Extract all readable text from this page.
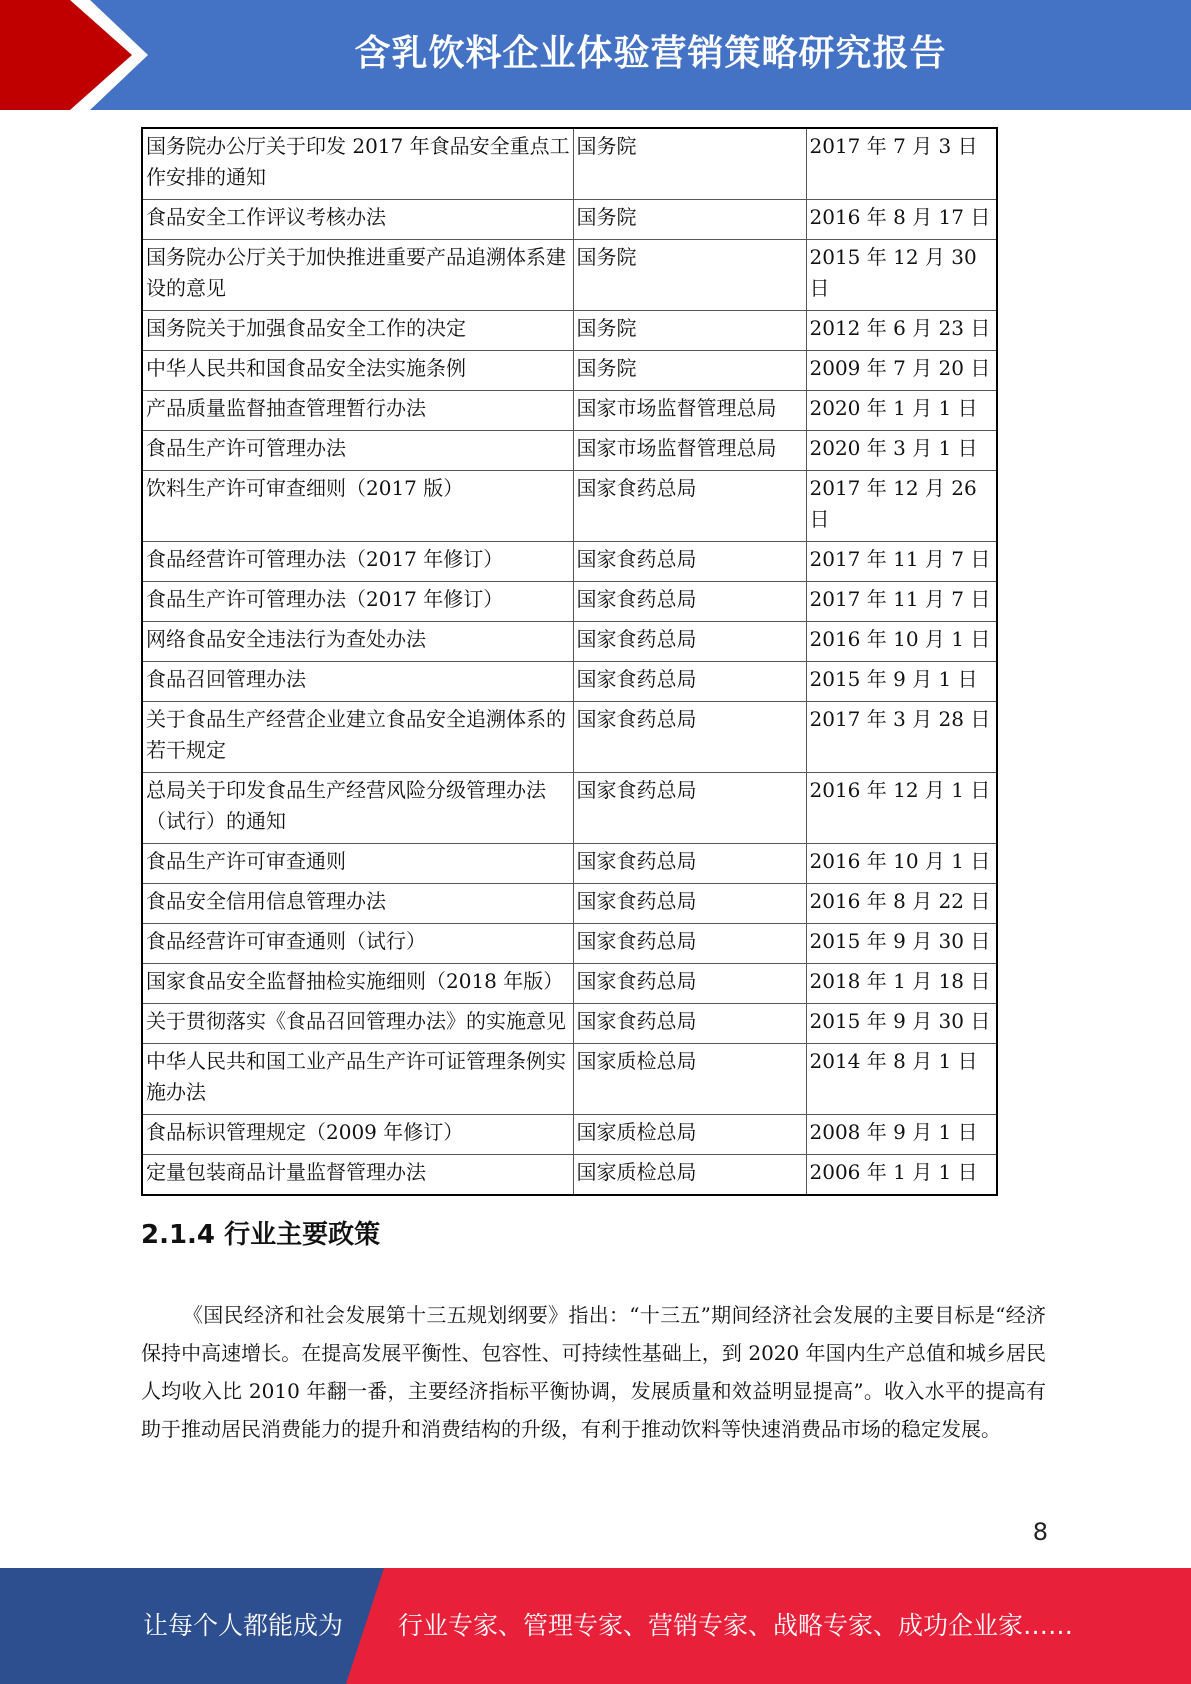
含乳饮料企业体验营销策略研究报告
国务院办公厅关于印发 2017 年食品安全重点工作安排的通知	国务院	2017 年 7 月 3 日
食品安全工作评议考核办法	国务院	2016 年 8 月 17 日
国务院办公厅关于加快推进重要产品追溯体系建设的意见	国务院	2015 年 12 月 30 日
国务院关于加强食品安全工作的决定	国务院	2012 年 6 月 23 日
中华人民共和国食品安全法实施条例	国务院	2009 年 7 月 20 日
产品质量监督抽查管理暂行办法	国家市场监督管理总局	2020 年 1 月 1 日
食品生产许可管理办法	国家市场监督管理总局	2020 年 3 月 1 日
饮料生产许可审查细则（2017 版）	国家食药总局	2017 年 12 月 26 日
食品经营许可管理办法（2017 年修订）	国家食药总局	2017 年 11 月 7 日
食品生产许可管理办法（2017 年修订）	国家食药总局	2017 年 11 月 7 日
网络食品安全违法行为查处办法	国家食药总局	2016 年 10 月 1 日
食品召回管理办法	国家食药总局	2015 年 9 月 1 日
关于食品生产经营企业建立食品安全追溯体系的若干规定	国家食药总局	2017 年 3 月 28 日
总局关于印发食品生产经营风险分级管理办法（试行）的通知	国家食药总局	2016 年 12 月 1 日
食品生产许可审查通则	国家食药总局	2016 年 10 月 1 日
食品安全信用信息管理办法	国家食药总局	2016 年 8 月 22 日
食品经营许可审查通则（试行）	国家食药总局	2015 年 9 月 30 日
国家食品安全监督抽检实施细则（2018 年版）	国家食药总局	2018 年 1 月 18 日
关于贯彻落实《食品召回管理办法》的实施意见	国家食药总局	2015 年 9 月 30 日
中华人民共和国工业产品生产许可证管理条例实施办法	国家质检总局	2014 年 8 月 1 日
食品标识管理规定（2009 年修订）	国家质检总局	2008 年 9 月 1 日
定量包装商品计量监督管理办法	国家质检总局	2006 年 1 月 1 日
2.1.4 行业主要政策

《国民经济和社会发展第十三五规划纲要》指出：“十三五”期间经济社会发展的主要目标是“经济保持中高速增长。在提高发展平衡性、包容性、可持续性基础上，到 2020 年国内生产总值和城乡居民人均收入比 2010 年翻一番，主要经济指标平衡协调，发展质量和效益明显提高”。收入水平的提高有助于推动居民消费能力的提升和消费结构的升级，有利于推动饮料等快速消费品市场的稳定发展。

8
让每个人都能成为 行业专家、管理专家、营销专家、战略专家、成功企业家……
